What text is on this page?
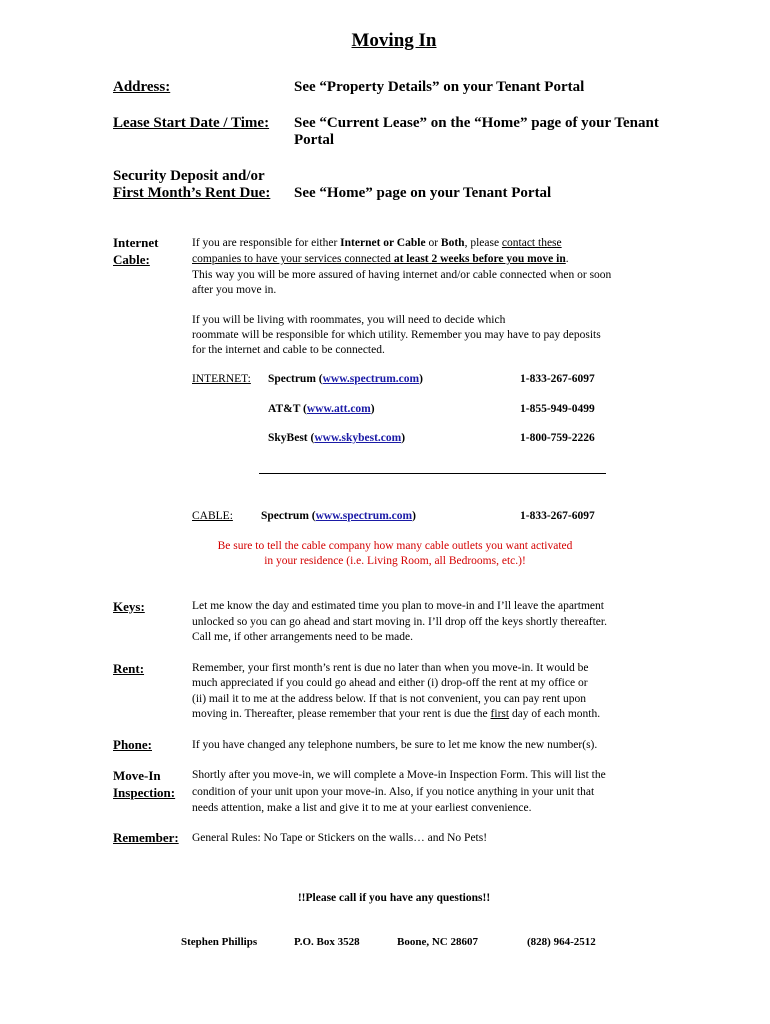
Moving In
Address:	See “Property Details” on your Tenant Portal
Lease Start Date / Time: See “Current Lease” on the “Home” page of your Tenant
Portal
Security Deposit and/or
First Month’s Rent Due: See “Home” page on your Tenant Portal
Internet
Cable:
If you are responsible for either Internet or Cable or Both, please contact these
companies to have your services connected at least 2 weeks before you move in.
This way you will be more assured of having internet and/or cable connected when or soon
after you move in.
If you will be living with roommates, you will need to decide which
roommate will be responsible for which utility. Remember you may have to pay deposits
for the internet and cable to be connected.
INTERNET: Spectrum (www.spectrum.com)	1-833-267-6097
AT&T (www.att.com)	1-855-949-0499
SkyBest (www.skybest.com)	1-800-759-2226
CABLE: Spectrum (www.spectrum.com)	1-833-267-6097
Be sure to tell the cable company how many cable outlets you want activated
in your residence (i.e. Living Room, all Bedrooms, etc.)!
Keys:	Let me know the day and estimated time you plan to move-in and I’ll leave the apartment
unlocked so you can go ahead and start moving in. I’ll drop off the keys shortly thereafter.
Call me, if other arrangements need to be made.
Rent:	Remember, your first month’s rent is due no later than when you move-in. It would be
much appreciated if you could go ahead and either (i) drop-off the rent at my office or
(ii) mail it to me at the address below. If that is not convenient, you can pay rent upon
moving in. Thereafter, please remember that your rent is due the first day of each month.
Phone:	If you have changed any telephone numbers, be sure to let me know the new number(s).
Move-In
Inspection:
Shortly after you move-in, we will complete a Move-in Inspection Form. This will list the
condition of your unit upon your move-in. Also, if you notice anything in your unit that
needs attention, make a list and give it to me at your earliest convenience.
Remember: General Rules: No Tape or Stickers on the walls… and No Pets!
!!Please call if you have any questions!!
Stephen Phillips	P.O. Box 3528	Boone, NC 28607	(828) 964-2512
